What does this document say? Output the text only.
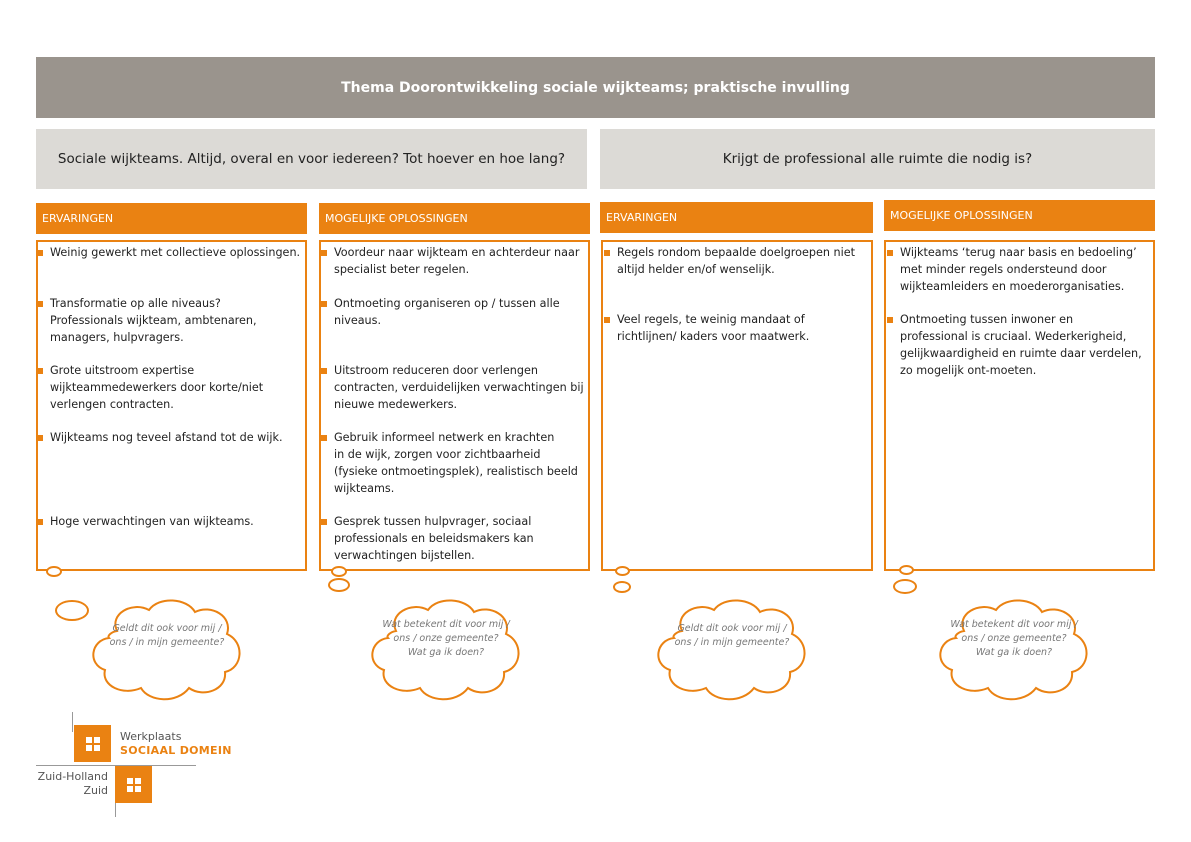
Thema Doorontwikkeling sociale wijkteams; praktische invulling
Sociale wijkteams. Altijd, overal en voor iedereen? Tot hoever en hoe lang?	Krijgt de professional alle ruimte die nodig is?
ERVARINGEN	MOGELIJKE OPLOSSINGEN	ERVARINGEN	MOGELIJKE OPLOSSINGEN
Weinig gewerkt met collectieve oplossingen.
Transformatie op alle niveaus?
Professionals wijkteam, ambtenaren,
managers, hulpvragers.
Grote uitstroom expertise
wijkteammedewerkers door korte/niet
verlengen contracten.
Wijkteams nog teveel afstand tot de wijk.
Hoge verwachtingen van wijkteams.
Voordeur naar wijkteam en achterdeur naar
specialist beter regelen.
Ontmoeting organiseren op / tussen alle
niveaus.
Uitstroom reduceren door verlengen
contracten, verduidelijken verwachtingen bij
nieuwe medewerkers.
Gebruik informeel netwerk en krachten
in de wijk, zorgen voor zichtbaarheid
(fysieke ontmoetingsplek), realistisch beeld
wijkteams.
Gesprek tussen hulpvrager, sociaal
professionals en beleidsmakers kan
verwachtingen bijstellen.
Regels rondom bepaalde doelgroepen niet
altijd helder en/of wenselijk.
Veel regels, te weinig mandaat of
richtlijnen/ kaders voor maatwerk.
Wijkteams ‘terug naar basis en bedoeling’
met minder regels ondersteund door
wijkteamleiders en moederorganisaties.
Ontmoeting tussen inwoner en
professional is cruciaal. Wederkerigheid,
gelijkwaardigheid en ruimte daar verdelen,
zo mogelijk ont-moeten.
Geldt dit ook voor mij /
ons / in mijn gemeente?
Wat betekent dit voor mij /
ons / onze gemeente?
Wat ga ik doen?
Geldt dit ook voor mij /
ons / in mijn gemeente?
Wat betekent dit voor mij /
ons / onze gemeente?
Wat ga ik doen?
Werkplaats
SOCIAAL DOMEIN
Zuid-Holland
Zuid
